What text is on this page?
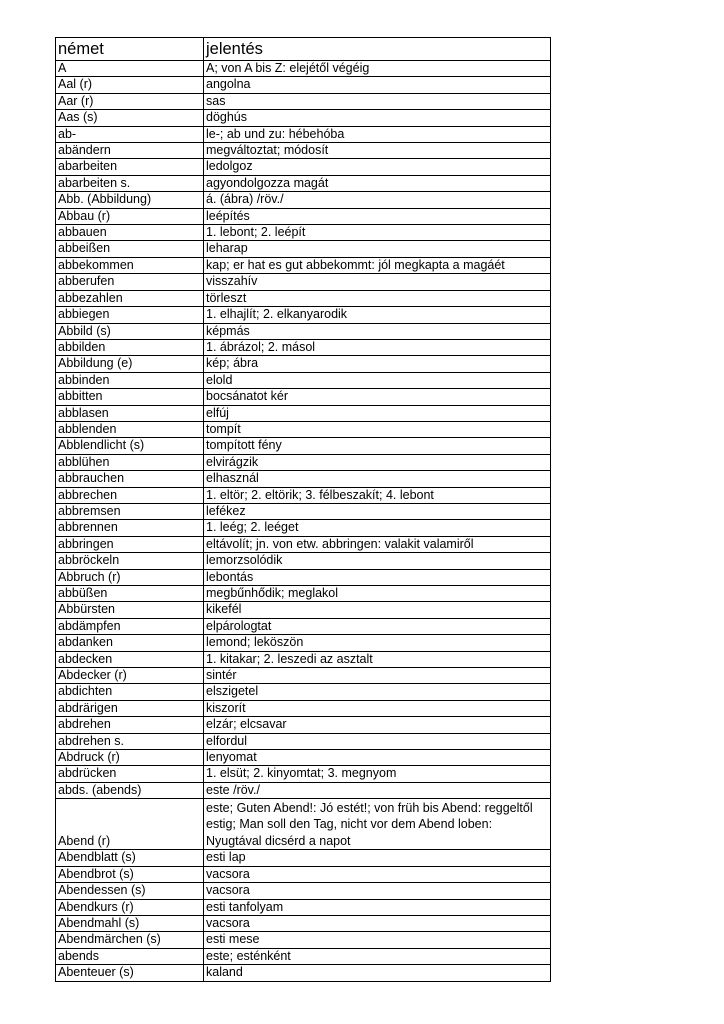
német	jelentés
A	A; von A bis Z: elejétől végéig
Aal (r)	angolna
Aar (r)	sas
Aas (s)	döghús
ab-	le-; ab und zu: hébehóba
abändern	megváltoztat; módosít
abarbeiten	ledolgoz
abarbeiten s.	agyondolgozza magát
Abb. (Abbildung)	á. (ábra) /röv./
Abbau (r)	leépítés
abbauen	1. lebont; 2. leépít
abbeißen	leharap
abbekommen	kap; er hat es gut abbekommt: jól megkapta a magáét
abberufen	visszahív
abbezahlen	törleszt
abbiegen	1. elhajlít; 2. elkanyarodik
Abbild (s)	képmás
abbilden	1. ábrázol; 2. másol
Abbildung (e)	kép; ábra
abbinden	elold
abbitten	bocsánatot kér
abblasen	elfúj
abblenden	tompít
Abblendlicht (s)	tompított fény
abblühen	elvirágzik
abbrauchen	elhasznál
abbrechen	1. eltör; 2. eltörik; 3. félbeszakít; 4. lebont
abbremsen	lefékez
abbrennen	1. leég; 2. leéget
abbringen	eltávolít; jn. von etw. abbringen: valakit valamiről
abbröckeln	lemorzsolódik
Abbruch (r)	lebontás
abbüßen	megbűnhődik; meglakol
Abbürsten	kikefél
abdämpfen	elpárologtat
abdanken	lemond; leköszön
abdecken	1. kitakar; 2. leszedi az asztalt
Abdecker (r)	sintér
abdichten	elszigetel
abdrärigen	kiszorít
abdrehen	elzár; elcsavar
abdrehen s.	elfordul
Abdruck (r)	lenyomat
abdrücken	1. elsüt; 2. kinyomtat; 3. megnyom
abds. (abends)	este /röv./
Abend (r)	este; Guten Abend!: Jó estét!; von früh bis Abend: reggeltől estig; Man soll den Tag, nicht vor dem Abend loben: Nyugtával dicsérd a napot
Abendblatt (s)	esti lap
Abendbrot (s)	vacsora
Abendessen (s)	vacsora
Abendkurs (r)	esti tanfolyam
Abendmahl (s)	vacsora
Abendmärchen (s)	esti mese
abends	este; esténként
Abenteuer (s)	kaland
